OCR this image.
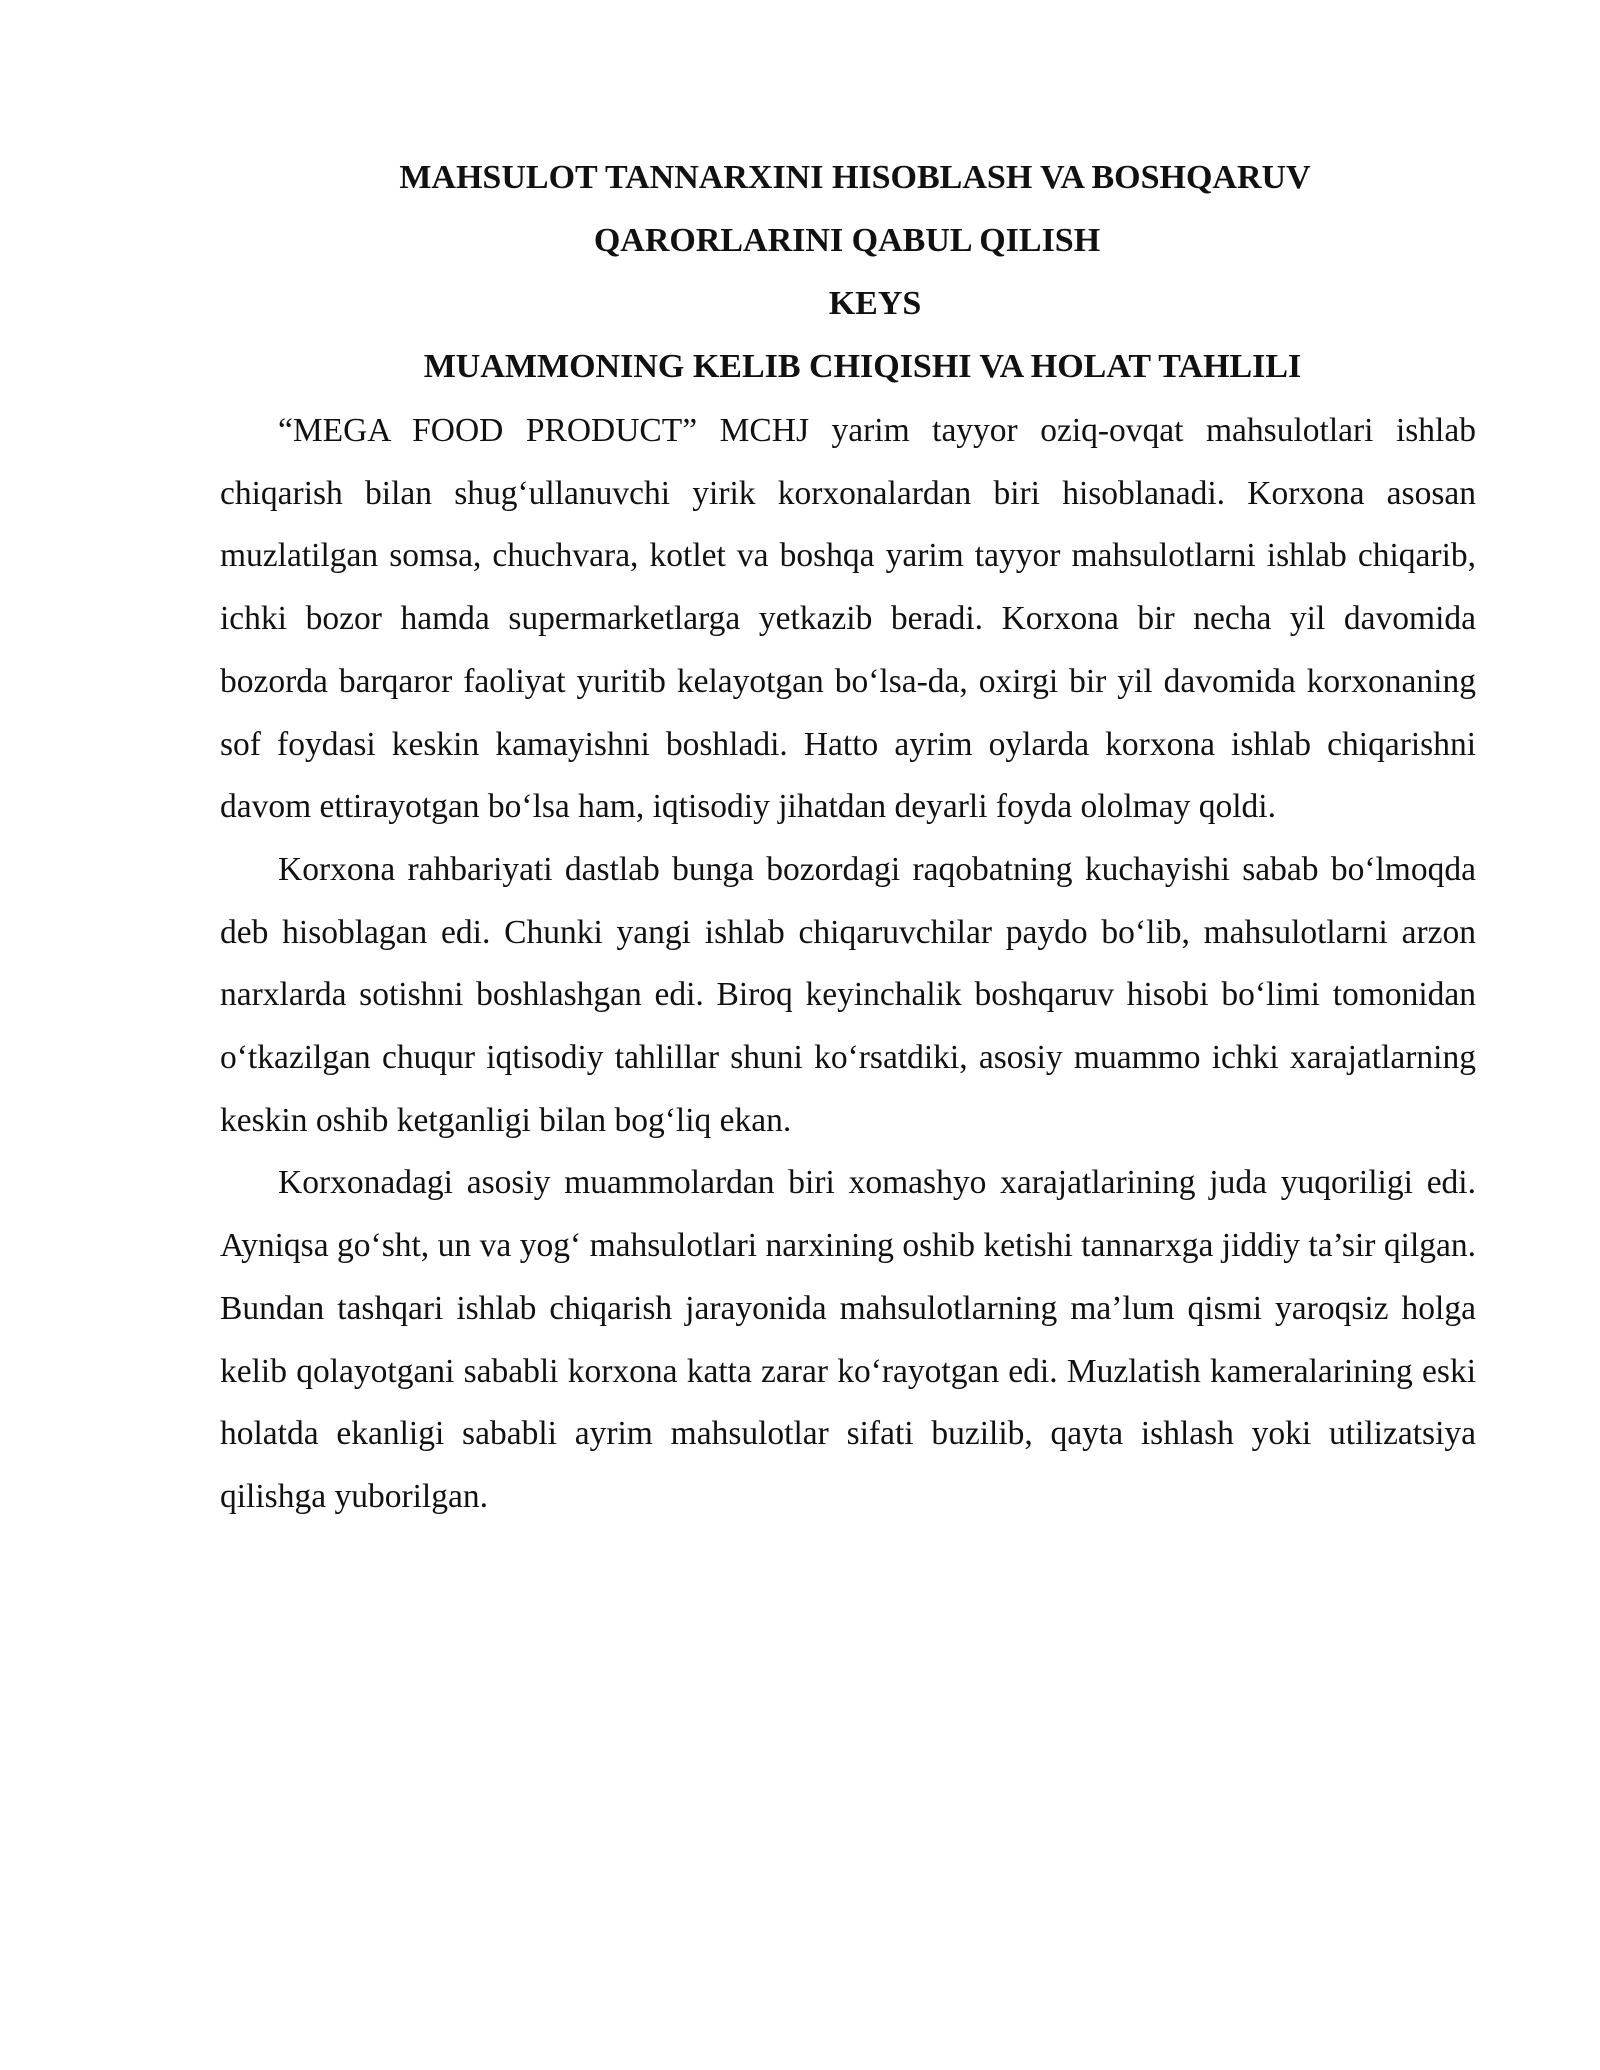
MAHSULOT TANNARXINI HISOBLASH VA BOSHQARUV
QARORLARINI QABUL QILISH
KEYS
MUAMMONING KELIB CHIQISHI VA HOLAT TAHLILI

“MEGA FOOD PRODUCT” MCHJ yarim tayyor oziq-ovqat mahsulotlari ishlab chiqarish bilan shug‘ullanuvchi yirik korxonalardan biri hisoblanadi. Korxona asosan muzlatilgan somsa, chuchvara, kotlet va boshqa yarim tayyor mahsulotlarni ishlab chiqarib, ichki bozor hamda supermarketlarga yetkazib beradi. Korxona bir necha yil davomida bozorda barqaror faoliyat yuritib kelayotgan bo‘lsa-da, oxirgi bir yil davomida korxonaning sof foydasi keskin kamayishni boshladi. Hatto ayrim oylarda korxona ishlab chiqarishni davom ettirayotgan bo‘lsa ham, iqtisodiy jihatdan deyarli foyda ololmay qoldi.

Korxona rahbariyati dastlab bunga bozordagi raqobatning kuchayishi sabab bo‘lmoqda deb hisoblagan edi. Chunki yangi ishlab chiqaruvchilar paydo bo‘lib, mahsulotlarni arzon narxlarda sotishni boshlashgan edi. Biroq keyinchalik boshqaruv hisobi bo‘limi tomonidan o‘tkazilgan chuqur iqtisodiy tahlillar shuni ko‘rsatdiki, asosiy muammo ichki xarajatlarning keskin oshib ketganligi bilan bog‘liq ekan.

Korxonadagi asosiy muammolardan biri xomashyo xarajatlarining juda yuqoriligi edi. Ayniqsa go‘sht, un va yog‘ mahsulotlari narxining oshib ketishi tannarxga jiddiy ta’sir qilgan. Bundan tashqari ishlab chiqarish jarayonida mahsulotlarning ma’lum qismi yaroqsiz holga kelib qolayotgani sababli korxona katta zarar ko‘rayotgan edi. Muzlatish kameralarining eski holatda ekanligi sababli ayrim mahsulotlar sifati buzilib, qayta ishlash yoki utilizatsiya qilishga yuborilgan.
